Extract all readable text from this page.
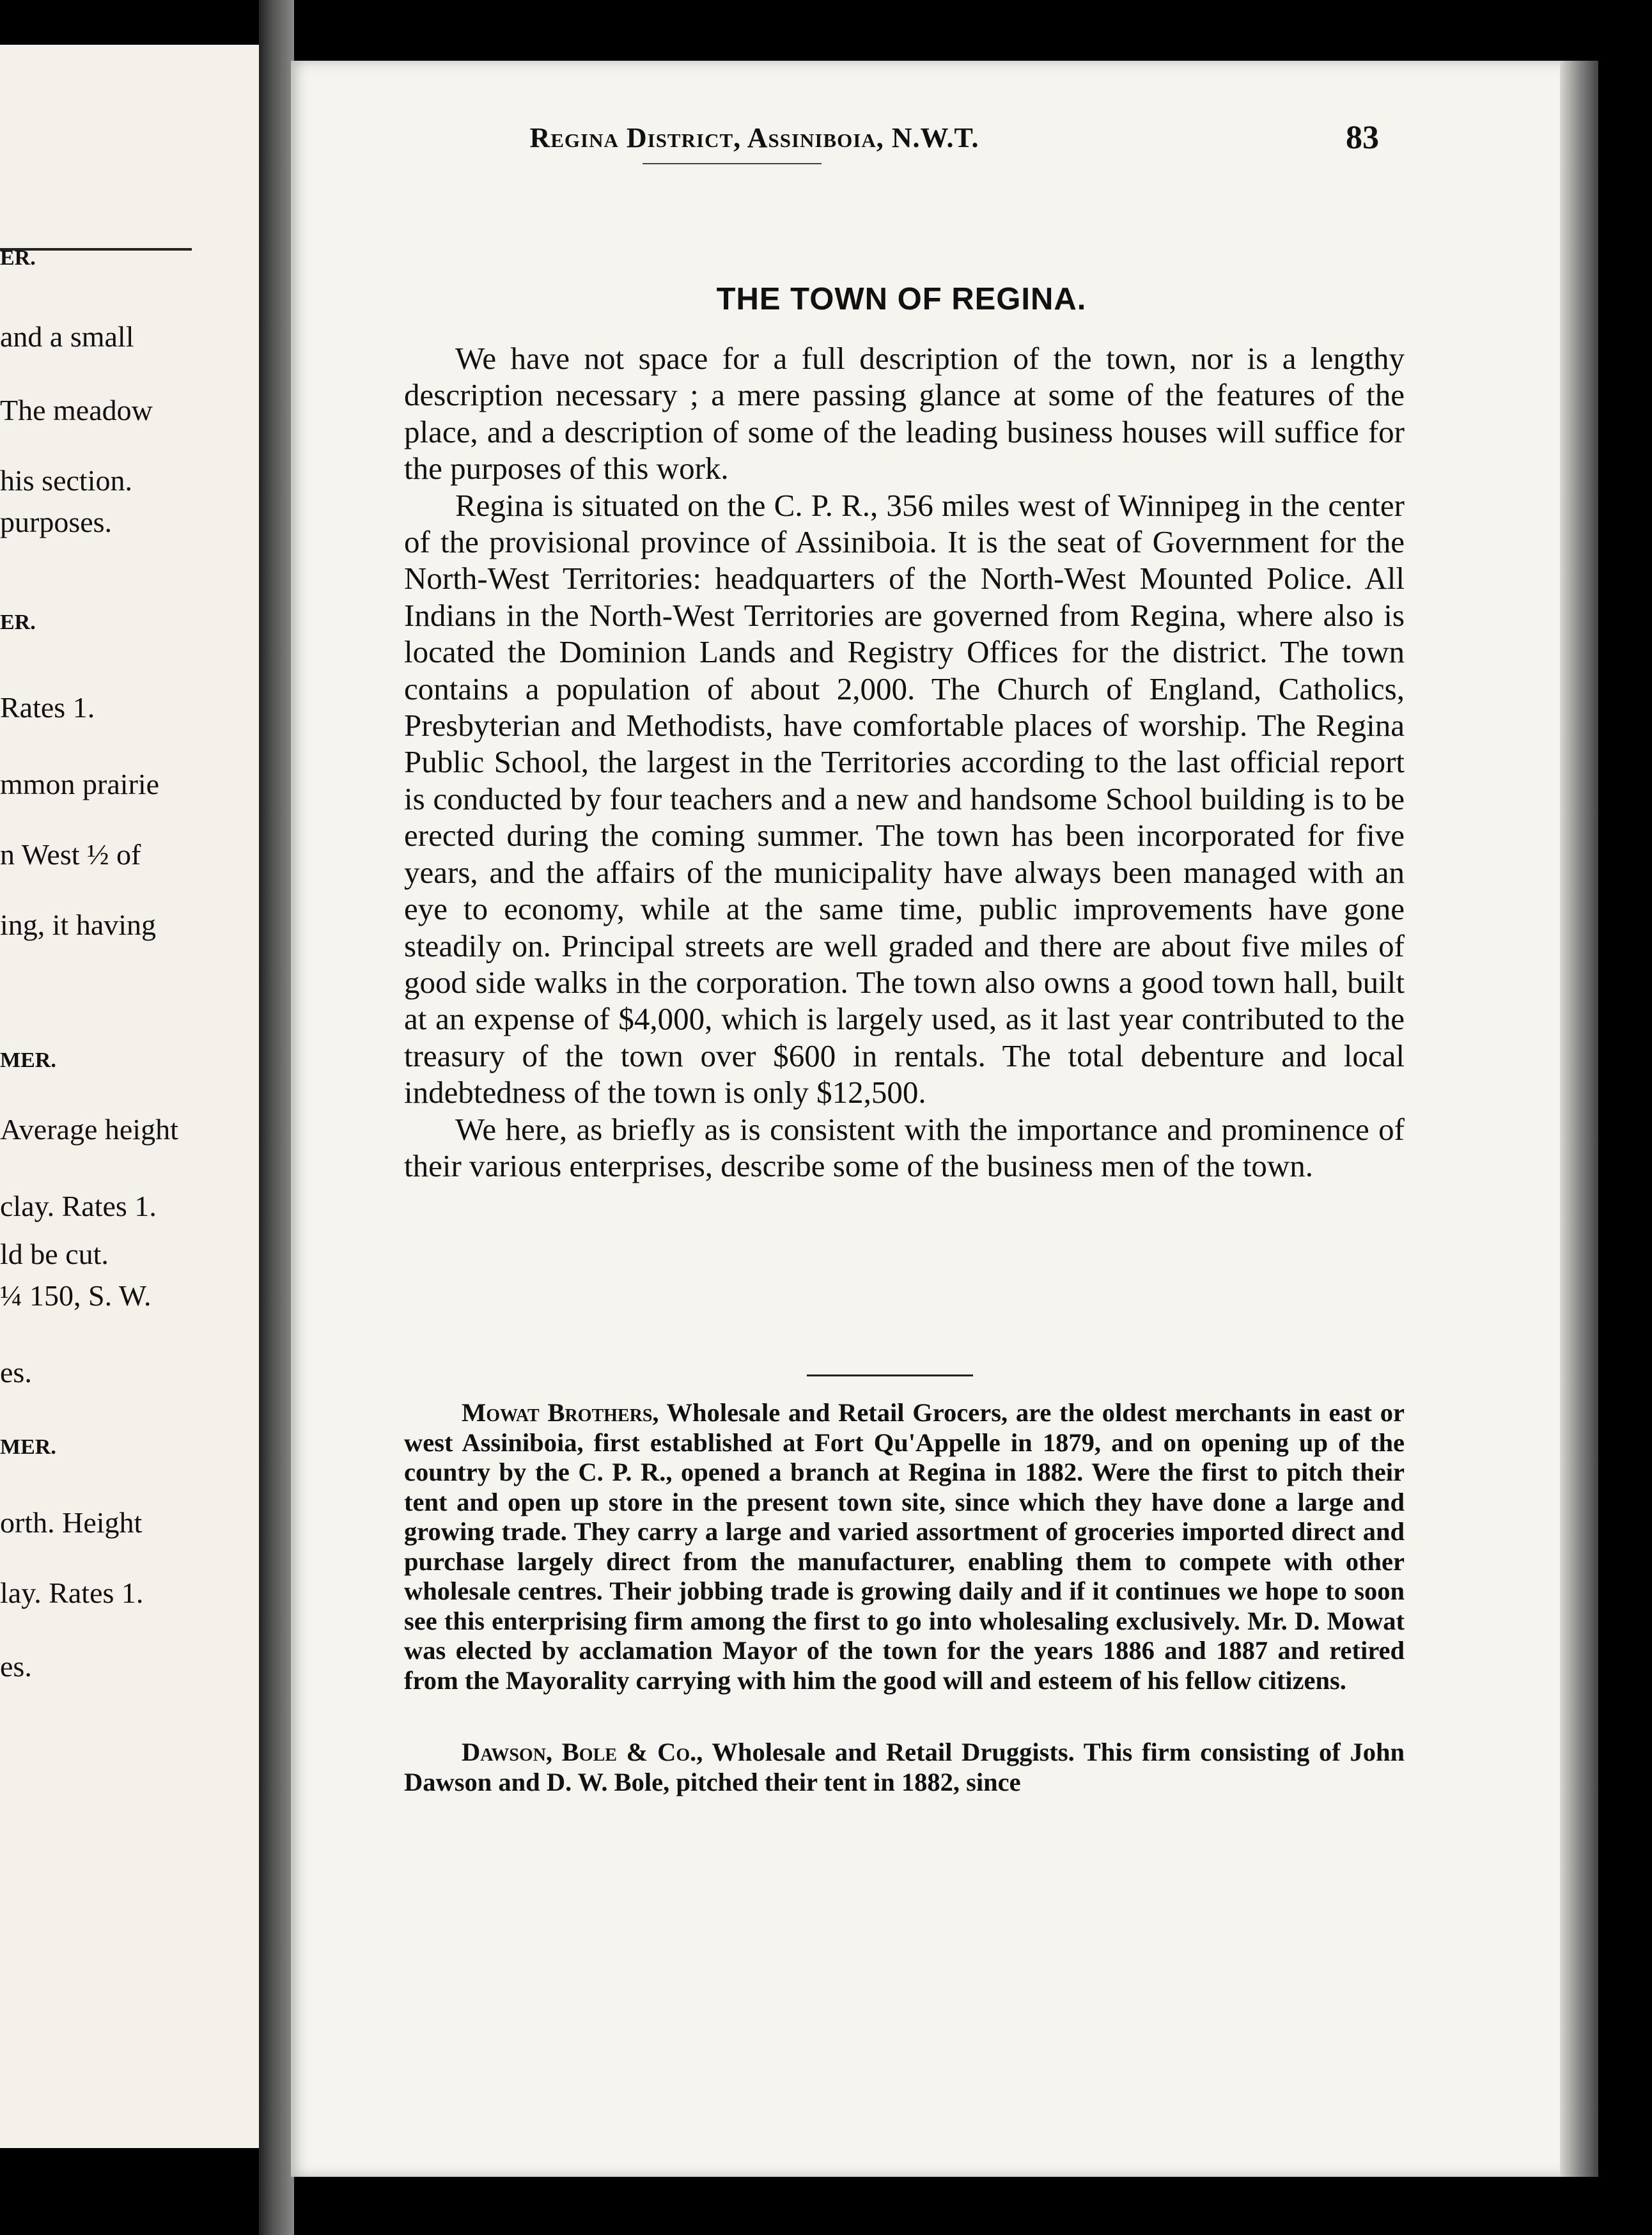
ER.
and a small
The meadow
his section.
purposes.
ER.
Rates 1.
mmon prairie
n West ½ of
ing, it having
MER.
Average height
clay. Rates 1.
ld be cut.
¼ 150, S. W.
es.
MER.
orth. Height
lay. Rates 1.
es.
Regina District, Assiniboia, N.W.T.	83
THE TOWN OF REGINA.

We have not space for a full description of the town, nor is a lengthy description necessary ; a mere passing glance at some of the features of the place, and a description of some of the leading business houses will suffice for the purposes of this work.

Regina is situated on the C. P. R., 356 miles west of Winnipeg in the center of the provisional province of Assiniboia. It is the seat of Government for the North-West Territories: headquarters of the North-West Mounted Police. All Indians in the North-West Territories are governed from Regina, where also is located the Dominion Lands and Registry Offices for the district. The town contains a population of about 2,000. The Church of England, Catholics, Presbyterian and Methodists, have comfortable places of worship. The Regina Public School, the largest in the Territories according to the last official report is conducted by four teachers and a new and handsome School building is to be erected during the coming summer. The town has been incorporated for five years, and the affairs of the municipality have always been managed with an eye to economy, while at the same time, public improvements have gone steadily on. Principal streets are well graded and there are about five miles of good side walks in the corporation. The town also owns a good town hall, built at an expense of $4,000, which is largely used, as it last year contributed to the treasury of the town over $600 in rentals. The total debenture and local indebtedness of the town is only $12,500.

We here, as briefly as is consistent with the importance and prominence of their various enterprises, describe some of the business men of the town.

Mowat Brothers, Wholesale and Retail Grocers, are the oldest merchants in east or west Assiniboia, first established at Fort Qu'Appelle in 1879, and on opening up of the country by the C. P. R., opened a branch at Regina in 1882. Were the first to pitch their tent and open up store in the present town site, since which they have done a large and growing trade. They carry a large and varied assortment of groceries imported direct and purchase largely direct from the manufacturer, enabling them to compete with other wholesale centres. Their jobbing trade is growing daily and if it continues we hope to soon see this enterprising firm among the first to go into wholesaling exclusively. Mr. D. Mowat was elected by acclamation Mayor of the town for the years 1886 and 1887 and retired from the Mayorality carrying with him the good will and esteem of his fellow citizens.

Dawson, Bole & Co., Wholesale and Retail Druggists. This firm consisting of John Dawson and D. W. Bole, pitched their tent in 1882, since
